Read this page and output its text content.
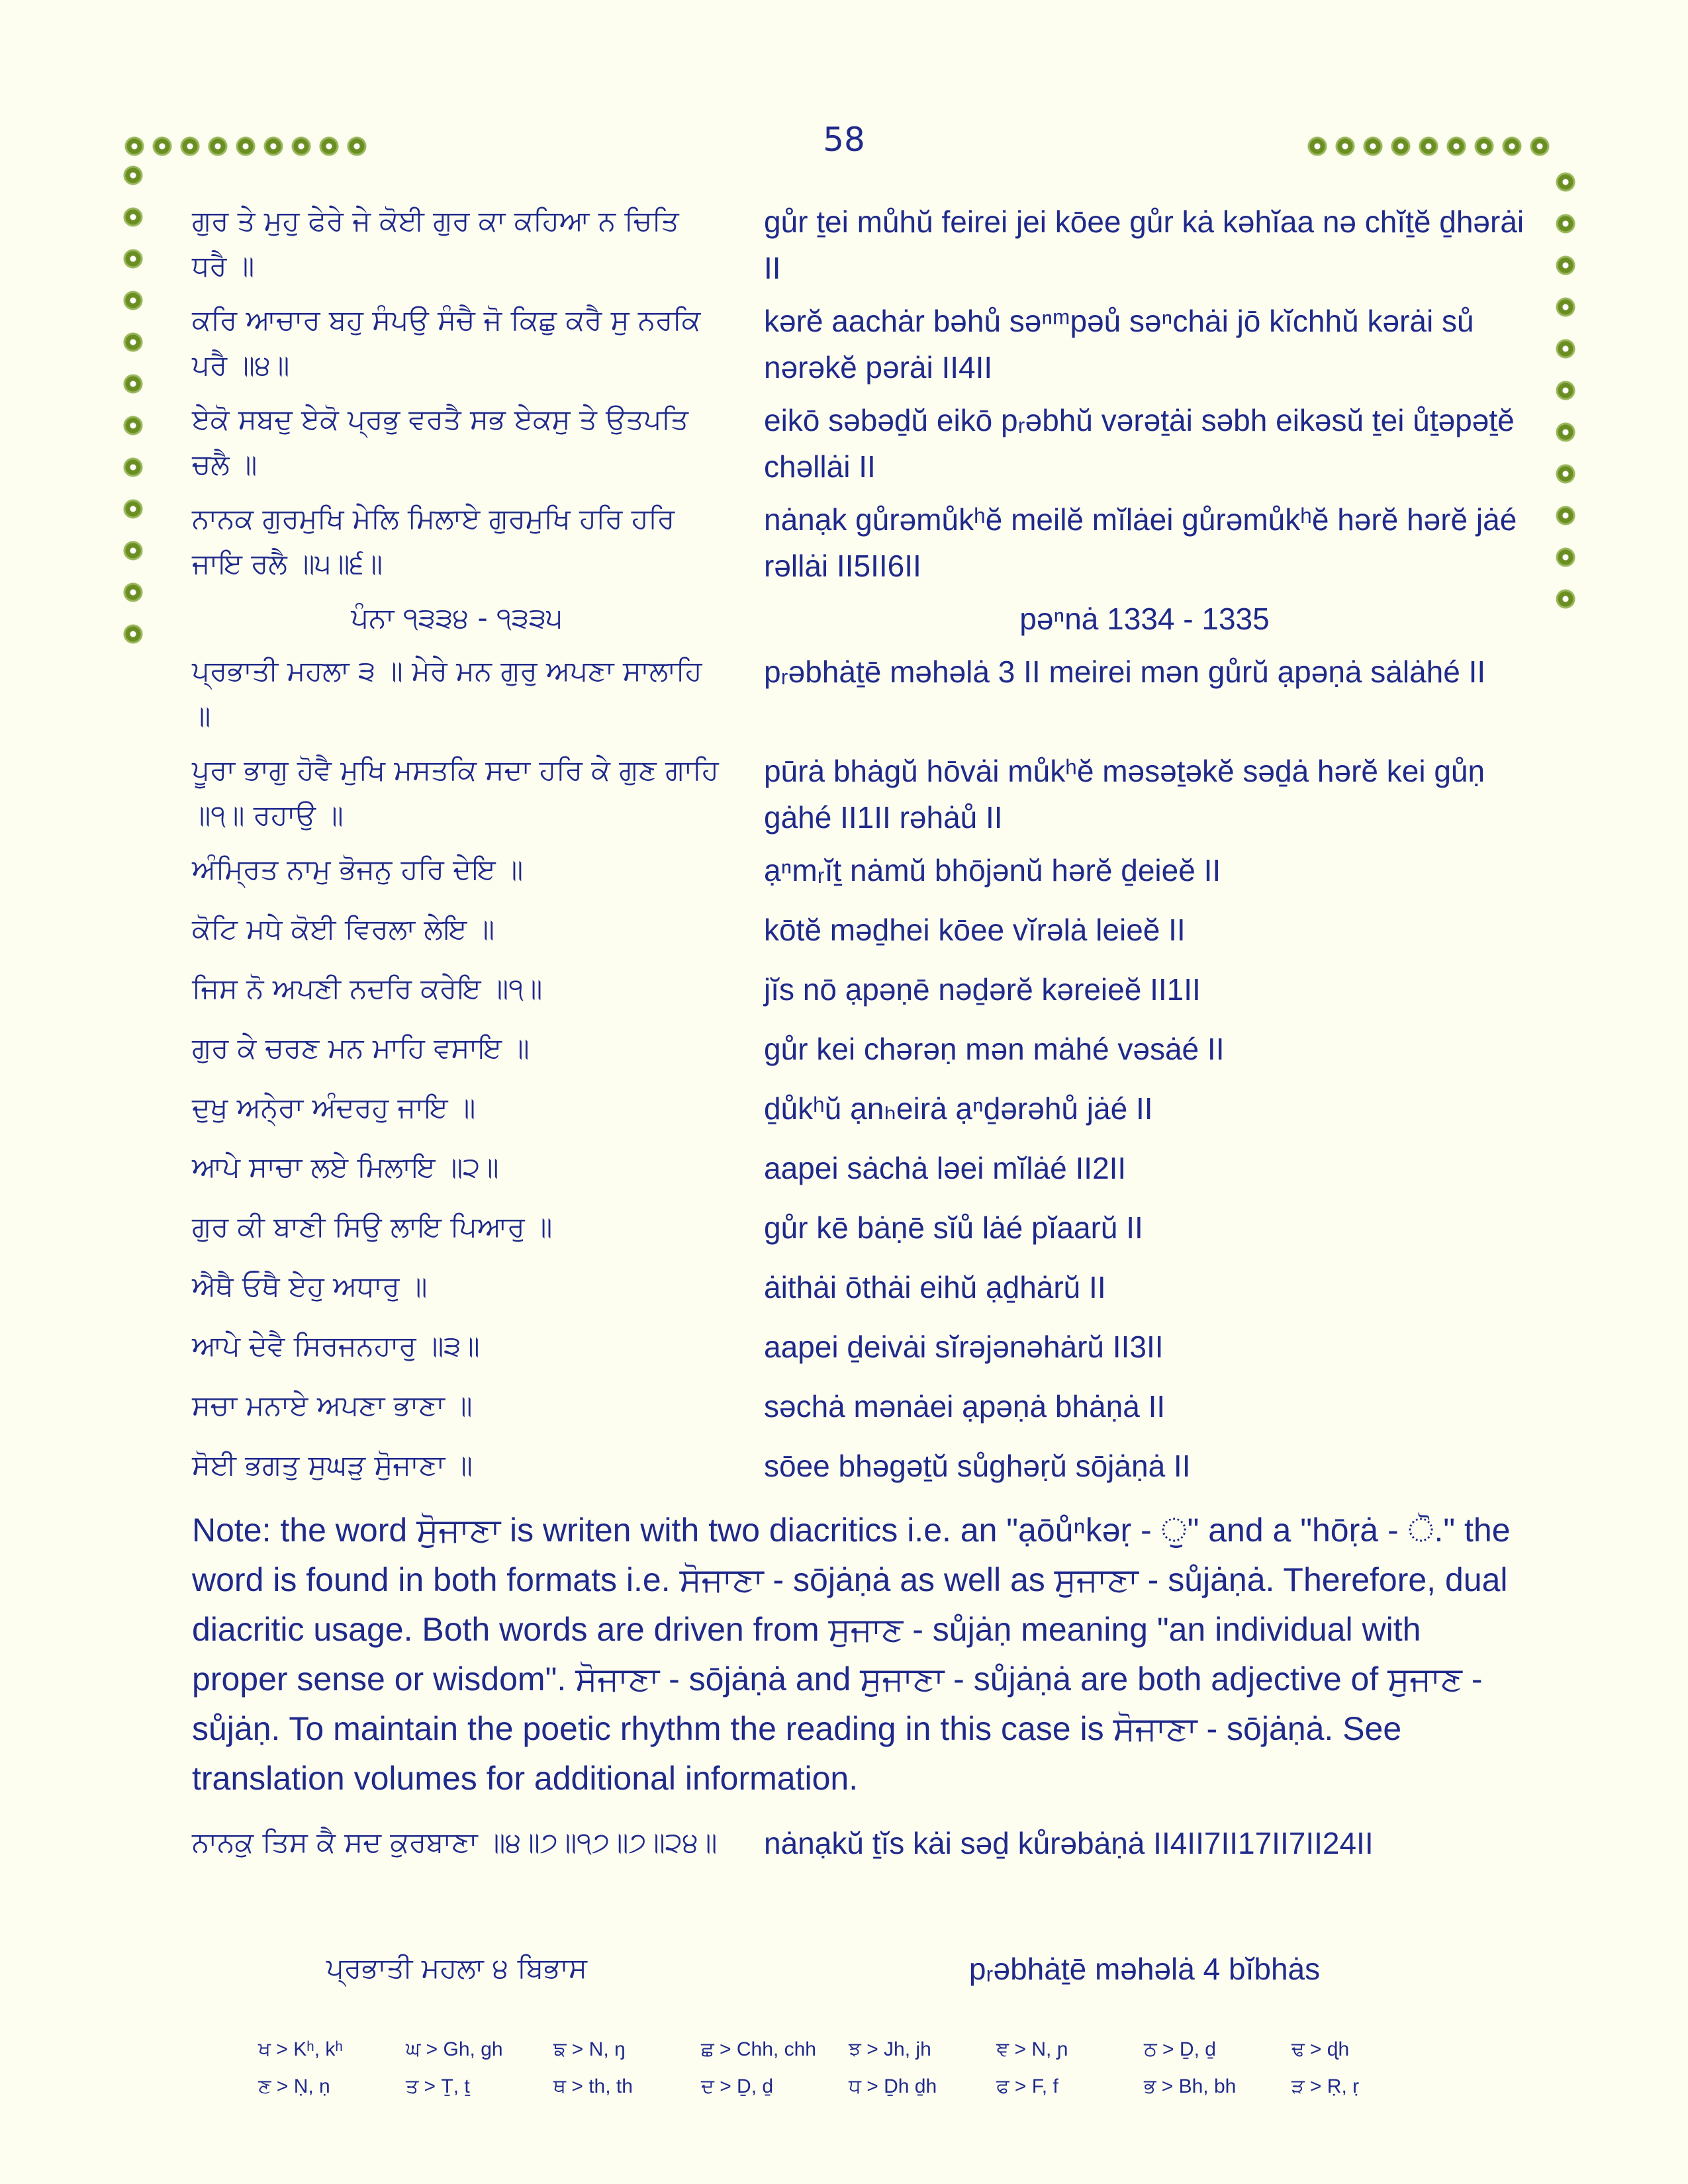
58
ਗੁਰ ਤੇ ਮੁਹੁ ਫੇਰੇ ਜੇ ਕੋਈ ਗੁਰ ਕਾ ਕਹਿਆ ਨ ਚਿਤਿ ਧਰੈ ॥
gůr ṯei můhŭ feirei jei kōee gůr kȧ kəhĭaa nə chĭṯĕ ḏhərȧi II
ਕਰਿ ਆਚਾਰ ਬਹੁ ਸੰਪਉ ਸੰਚੈ ਜੋ ਕਿਛੁ ਕਰੈ ਸੁ ਨਰਕਿ ਪਰੈ ॥੪॥
kərĕ aachȧr bəhů səⁿᵐpəů səⁿchȧi jō kĭchhŭ kərȧi sů nərəkĕ pərȧi II4II
ਏਕੋ ਸਬਦੁ ਏਕੋ ਪ੍ਰਭੁ ਵਰਤੈ ਸਭ ਏਕਸੁ ਤੇ ਉਤਪਤਿ ਚਲੈ ॥
eikō səbəḏŭ eikō pᵣəbhŭ vərəṯȧi səbh eikəsŭ ṯei ůṯəpəṯĕ chəllȧi II
ਨਾਨਕ ਗੁਰਮੁਖਿ ਮੇਲਿ ਮਿਲਾਏ ਗੁਰਮੁਖਿ ਹਰਿ ਹਰਿ ਜਾਇ ਰਲੈ ॥੫॥੬॥
nȧnạk gůrəmůkʰĕ meilĕ mĭlȧei gůrəmůkʰĕ hərĕ hərĕ jȧé rəllȧi II5II6II
ਪੰਨਾ ੧੩੩੪ - ੧੩੩੫	pəⁿnȧ 1334 - 1335
ਪ੍ਰਭਾਤੀ ਮਹਲਾ ੩ ॥ ਮੇਰੇ ਮਨ ਗੁਰੁ ਅਪਣਾ ਸਾਲਾਹਿ ॥
pᵣəbhȧṯē məhəlȧ 3 II meirei mən gůrŭ ạpəṇȧ sȧlȧhé II
ਪੂਰਾ ਭਾਗੁ ਹੋਵੈ ਮੁਖਿ ਮਸਤਕਿ ਸਦਾ ਹਰਿ ਕੇ ਗੁਣ ਗਾਹਿ ॥੧॥ ਰਹਾਉ ॥
pūrȧ bhȧgŭ hōvȧi můkʰĕ məsəṯəkĕ səḏȧ hərĕ kei gůṇ gȧhé II1II rəhȧů II
ਅੰਮ੍ਰਿਤ ਨਾਮੁ ਭੋਜਨੁ ਹਰਿ ਦੇਇ ॥	ạⁿmᵣĭṯ nȧmŭ bhōjənŭ hərĕ ḏeieĕ II
ਕੋਟਿ ਮਧੇ ਕੋਈ ਵਿਰਲਾ ਲੇਇ ॥	kōtĕ məḏhei kōee vĭrəlȧ leieĕ II
ਜਿਸ ਨੋ ਅਪਣੀ ਨਦਰਿ ਕਰੇਇ ॥੧॥	jĭs nō ạpəṇē nəḏərĕ kəreieĕ II1II
ਗੁਰ ਕੇ ਚਰਣ ਮਨ ਮਾਹਿ ਵਸਾਇ ॥	gůr kei chərəṇ mən mȧhé vəsȧé II
ਦੁਖੁ ਅਨੇ੍ਰਾ ਅੰਦਰਹੁ ਜਾਇ ॥	ḏůkʰŭ ạnₕeirȧ ạⁿḏərəhů jȧé II
ਆਪੇ ਸਾਚਾ ਲਏ ਮਿਲਾਇ ॥੨॥	aapei sȧchȧ ləei mĭlȧé II2II
ਗੁਰ ਕੀ ਬਾਣੀ ਸਿਉ ਲਾਇ ਪਿਆਰੁ ॥	gůr kē bȧṇē sĭů lȧé pĭaarŭ II
ਐਥੈ ਓਥੈ ਏਹੁ ਅਧਾਰੁ ॥	ȧithȧi ōthȧi eihŭ ạḏhȧrŭ II
ਆਪੇ ਦੇਵੈ ਸਿਰਜਨਹਾਰੁ ॥੩॥	aapei ḏeivȧi sĭrəjənəhȧrŭ II3II
ਸਚਾ ਮਨਾਏ ਅਪਣਾ ਭਾਣਾ ॥	səchȧ mənȧei ạpəṇȧ bhȧṇȧ II
ਸੋਈ ਭਗਤੁ ਸੁਘੜੁ ਸੋੁਜਾਣਾ ॥	sōee bhəgəṯŭ sůghəṛŭ sōjȧṇȧ II
Note: the word ਸੋੁਜਾਣਾ is writen with two diacritics i.e. an "ạōůⁿkəṛ - ੁ" and a "hōṛȧ - ੋ." the word is found in both formats i.e. ਸੋਜਾਣਾ - sōjȧṇȧ as well as ਸੁਜਾਣਾ - sůjȧṇȧ. Therefore, dual diacritic usage. Both words are driven from ਸੁਜਾਣ - sůjȧṇ meaning "an individual with proper sense or wisdom". ਸੋਜਾਣਾ - sōjȧṇȧ and ਸੁਜਾਣਾ - sůjȧṇȧ are both adjective of ਸੁਜਾਣ - sůjȧṇ. To maintain the poetic rhythm the reading in this case is ਸੋਜਾਣਾ - sōjȧṇȧ. See translation volumes for additional information.
ਨਾਨਕੁ ਤਿਸ ਕੈ ਸਦ ਕੁਰਬਾਣਾ ॥੪॥੭॥੧੭॥੭॥੨੪॥ nȧnạkŭ ṯĭs kȧi səḏ kůrəbȧṇȧ II4II7II17II7II24II
ਪ੍ਰਭਾਤੀ ਮਹਲਾ ੪ ਬਿਭਾਸ	pᵣəbhȧṯē məhəlȧ 4 bĭbhȧs
ਖ > Kʰ, kʰ	ਘ > Gh, gh	ਙ > N, ŋ	ਛ > Chh, chh	ਝ > Jh, jh	ਞ > N, ɲ	ਠ > Ḏ, ḏ	ਢ > ɖh
ਣ > Ṇ, ṇ	ਤ > Ṯ, ṯ	ਥ > th, th	ਦ > Ḏ, ḏ	ਧ > Ḏh ḏh	ਫ > F, f	ਭ > Bh, bh	ੜ > Ṛ, ṛ
